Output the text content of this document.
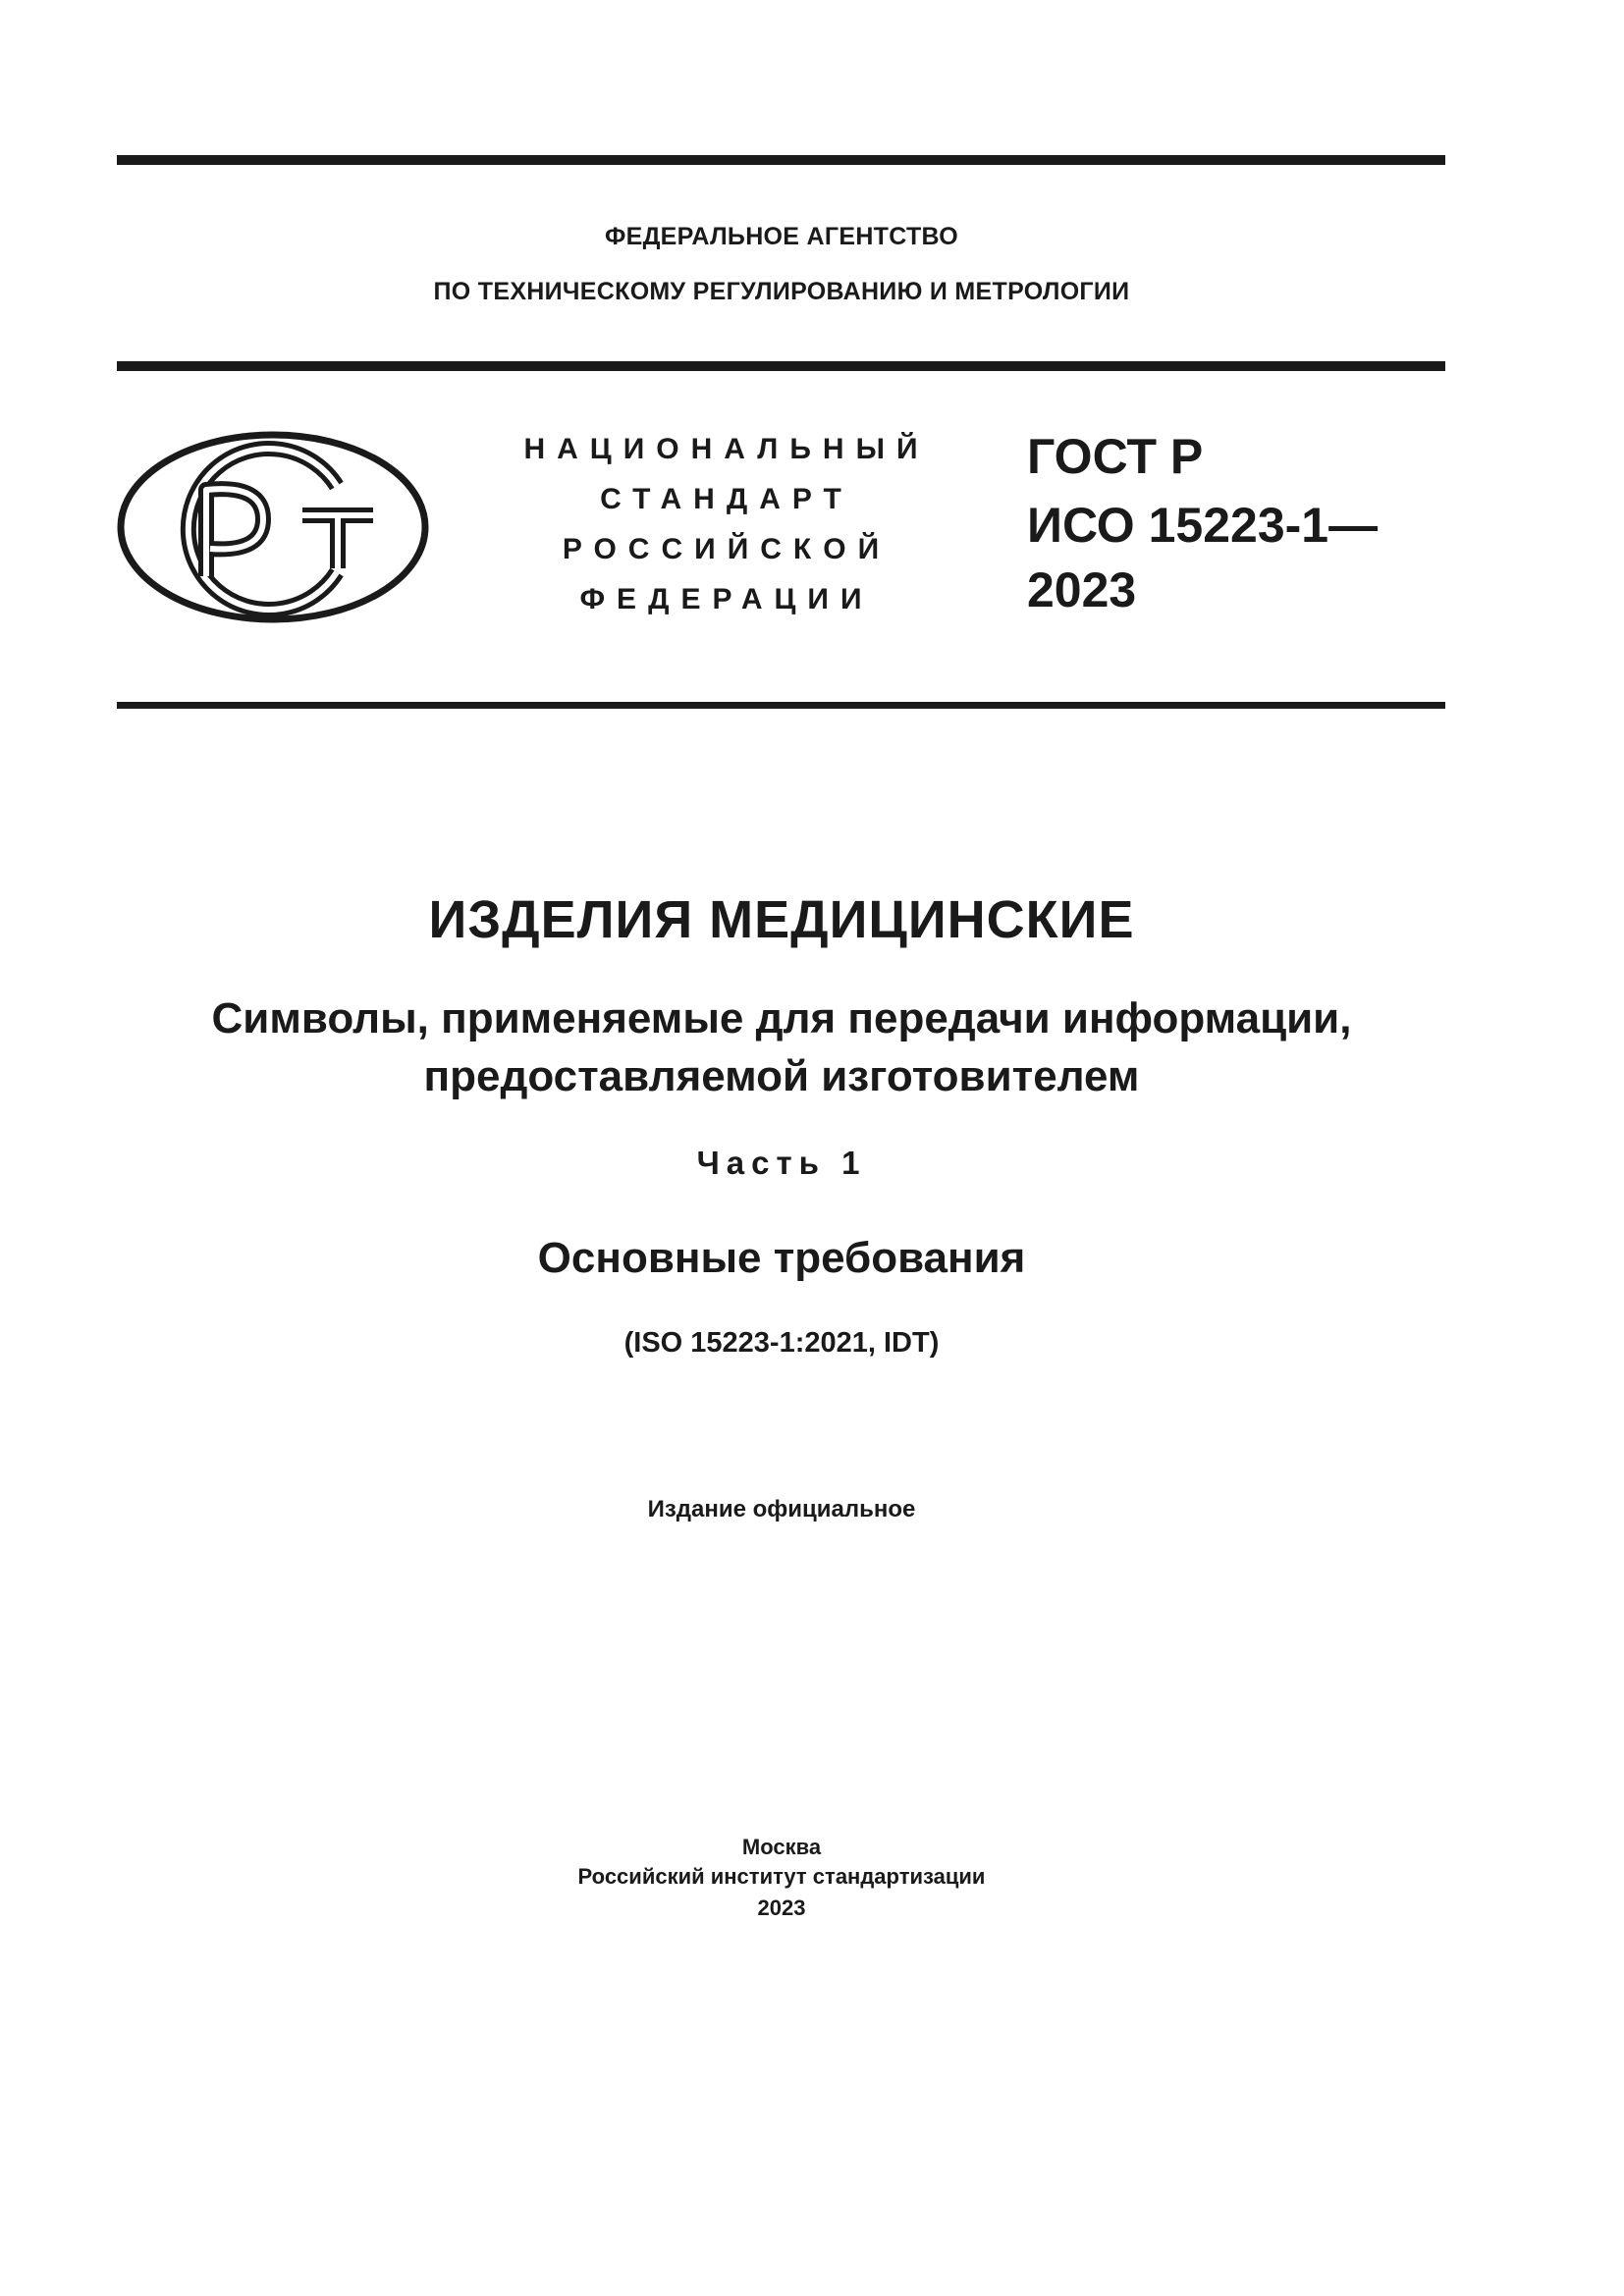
ФЕДЕРАЛЬНОЕ АГЕНТСТВО
ПО ТЕХНИЧЕСКОМУ РЕГУЛИРОВАНИЮ И МЕТРОЛОГИИ
НАЦИОНАЛЬНЫЙ
СТАНДАРТ
РОССИЙСКОЙ
ФЕДЕРАЦИИ
ГОСТ Р
ИСО 15223-1—
2023
ИЗДЕЛИЯ МЕДИЦИНСКИЕ
Символы, применяемые для передачи информации,
предоставляемой изготовителем
Часть 1
Основные требования
(ISO 15223-1:2021, IDT)
Издание официальное
Москва
Российский институт стандартизации
2023
